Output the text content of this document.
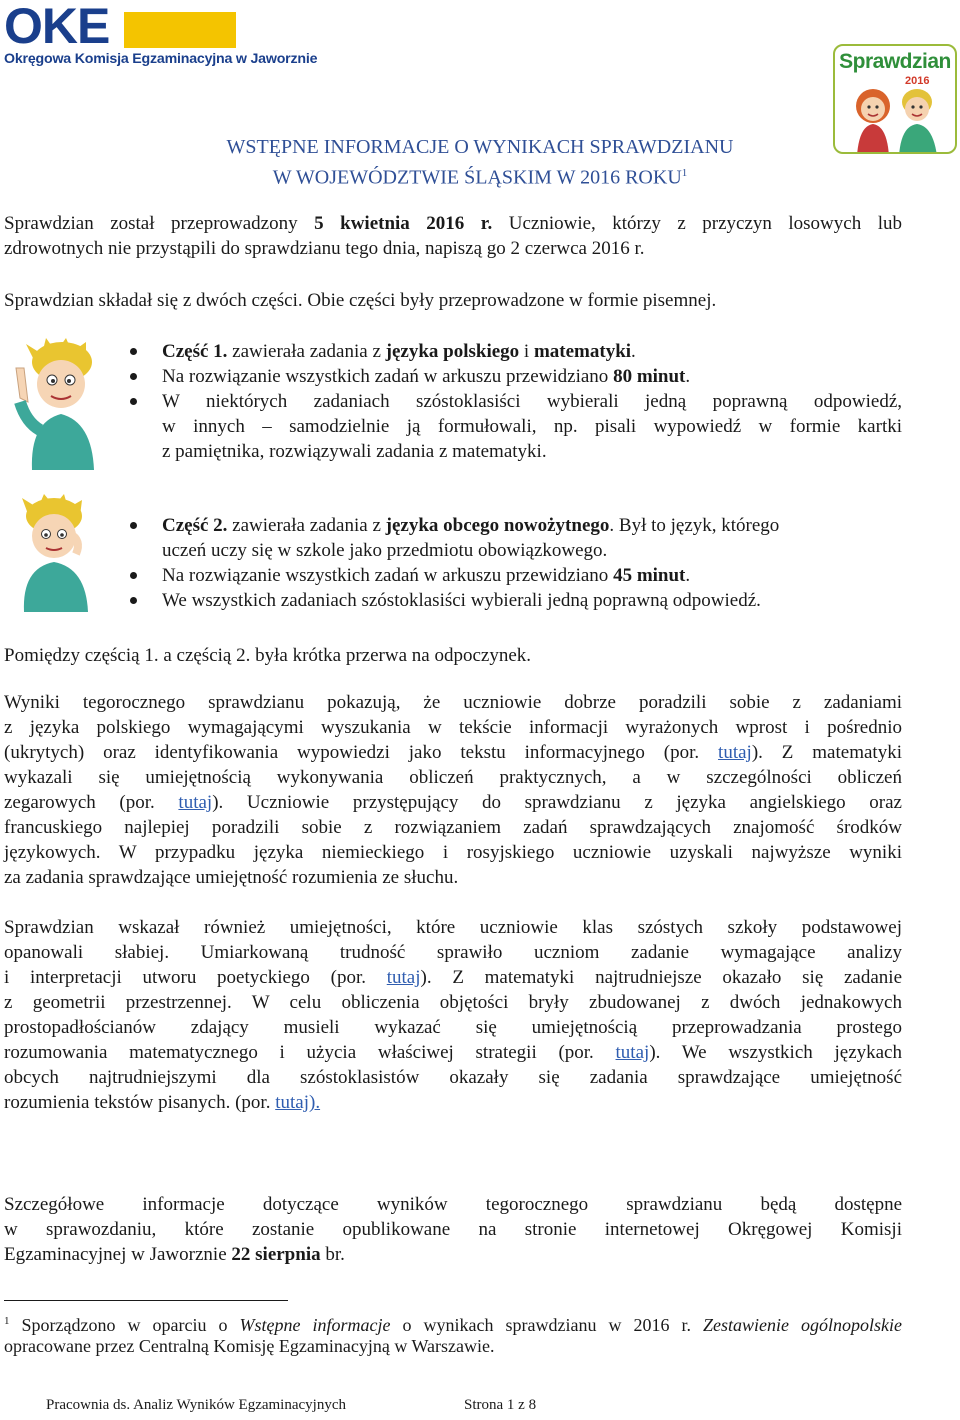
OKE
Okręgowa Komisja Egzaminacyjna w Jaworznie	Sprawdzian
2016
WSTĘPNE INFORMACJE O WYNIKACH SPRAWDZIANU
W WOJEWÓDZTWIE ŚLĄSKIM W 2016 ROKU$^1$
Sprawdzian został przeprowadzony 5 kwietnia 2016 r. Uczniowie, którzy z przyczyn losowych lub
zdrowotnych nie przystąpili do sprawdzianu tego dnia, napiszą go 2 czerwca 2016 r.
Sprawdzian składał się z dwóch części. Obie części były przeprowadzone w formie pisemnej.
Część 1. zawierała zadania z języka polskiego i matematyki.
Na rozwiązanie wszystkich zadań w arkuszu przewidziano 80 minut.
W niektórych zadaniach szóstoklasiści wybierali jedną poprawną odpowiedź,
w innych – samodzielnie ją formułowali, np. pisali wypowiedź w formie kartki
z pamiętnika, rozwiązywali zadania z matematyki.
Część 2. zawierała zadania z języka obcego nowożytnego. Był to język, którego
uczeń uczy się w szkole jako przedmiotu obowiązkowego.
Na rozwiązanie wszystkich zadań w arkuszu przewidziano 45 minut.
We wszystkich zadaniach szóstoklasiści wybierali jedną poprawną odpowiedź.
Pomiędzy częścią 1. a częścią 2. była krótka przerwa na odpoczynek.
Wyniki tegorocznego sprawdzianu pokazują, że uczniowie dobrze poradzili sobie z zadaniami
z języka polskiego wymagającymi wyszukania w tekście informacji wyrażonych wprost i pośrednio
(ukrytych) oraz identyfikowania wypowiedzi jako tekstu informacyjnego (por. tutaj). Z matematyki
wykazali się umiejętnością wykonywania obliczeń praktycznych, a w szczególności obliczeń
zegarowych (por. tutaj). Uczniowie przystępujący do sprawdzianu z języka angielskiego oraz
francuskiego najlepiej poradzili sobie z rozwiązaniem zadań sprawdzających znajomość środków
językowych. W przypadku języka niemieckiego i rosyjskiego uczniowie uzyskali najwyższe wyniki
za zadania sprawdzające umiejętność rozumienia ze słuchu.
Sprawdzian wskazał również umiejętności, które uczniowie klas szóstych szkoły podstawowej
opanowali słabiej. Umiarkowaną trudność sprawiło uczniom zadanie wymagające analizy
i interpretacji utworu poetyckiego (por. tutaj). Z matematyki najtrudniejsze okazało się zadanie
z geometrii przestrzennej. W celu obliczenia objętości bryły zbudowanej z dwóch jednakowych
prostopadłościanów zdający musieli wykazać się umiejętnością przeprowadzania prostego
rozumowania matematycznego i użycia właściwej strategii (por. tutaj). We wszystkich językach
obcych najtrudniejszymi dla szóstoklasistów okazały się zadania sprawdzające umiejętność
rozumienia tekstów pisanych. (por. tutaj).
Szczegółowe informacje dotyczące wyników tegorocznego sprawdzianu będą dostępne
w sprawozdaniu, które zostanie opublikowane na stronie internetowej Okręgowej Komisji
Egzaminacyjnej w Jaworznie 22 sierpnia br.
$^1$ Sporządzono w oparciu o Wstępne informacje o wynikach sprawdzianu w 2016 r. Zestawienie ogólnopolskie
opracowane przez Centralną Komisję Egzaminacyjną w Warszawie.
Pracownia ds. Analiz Wyników Egzaminacyjnych	Strona 1 z 8
